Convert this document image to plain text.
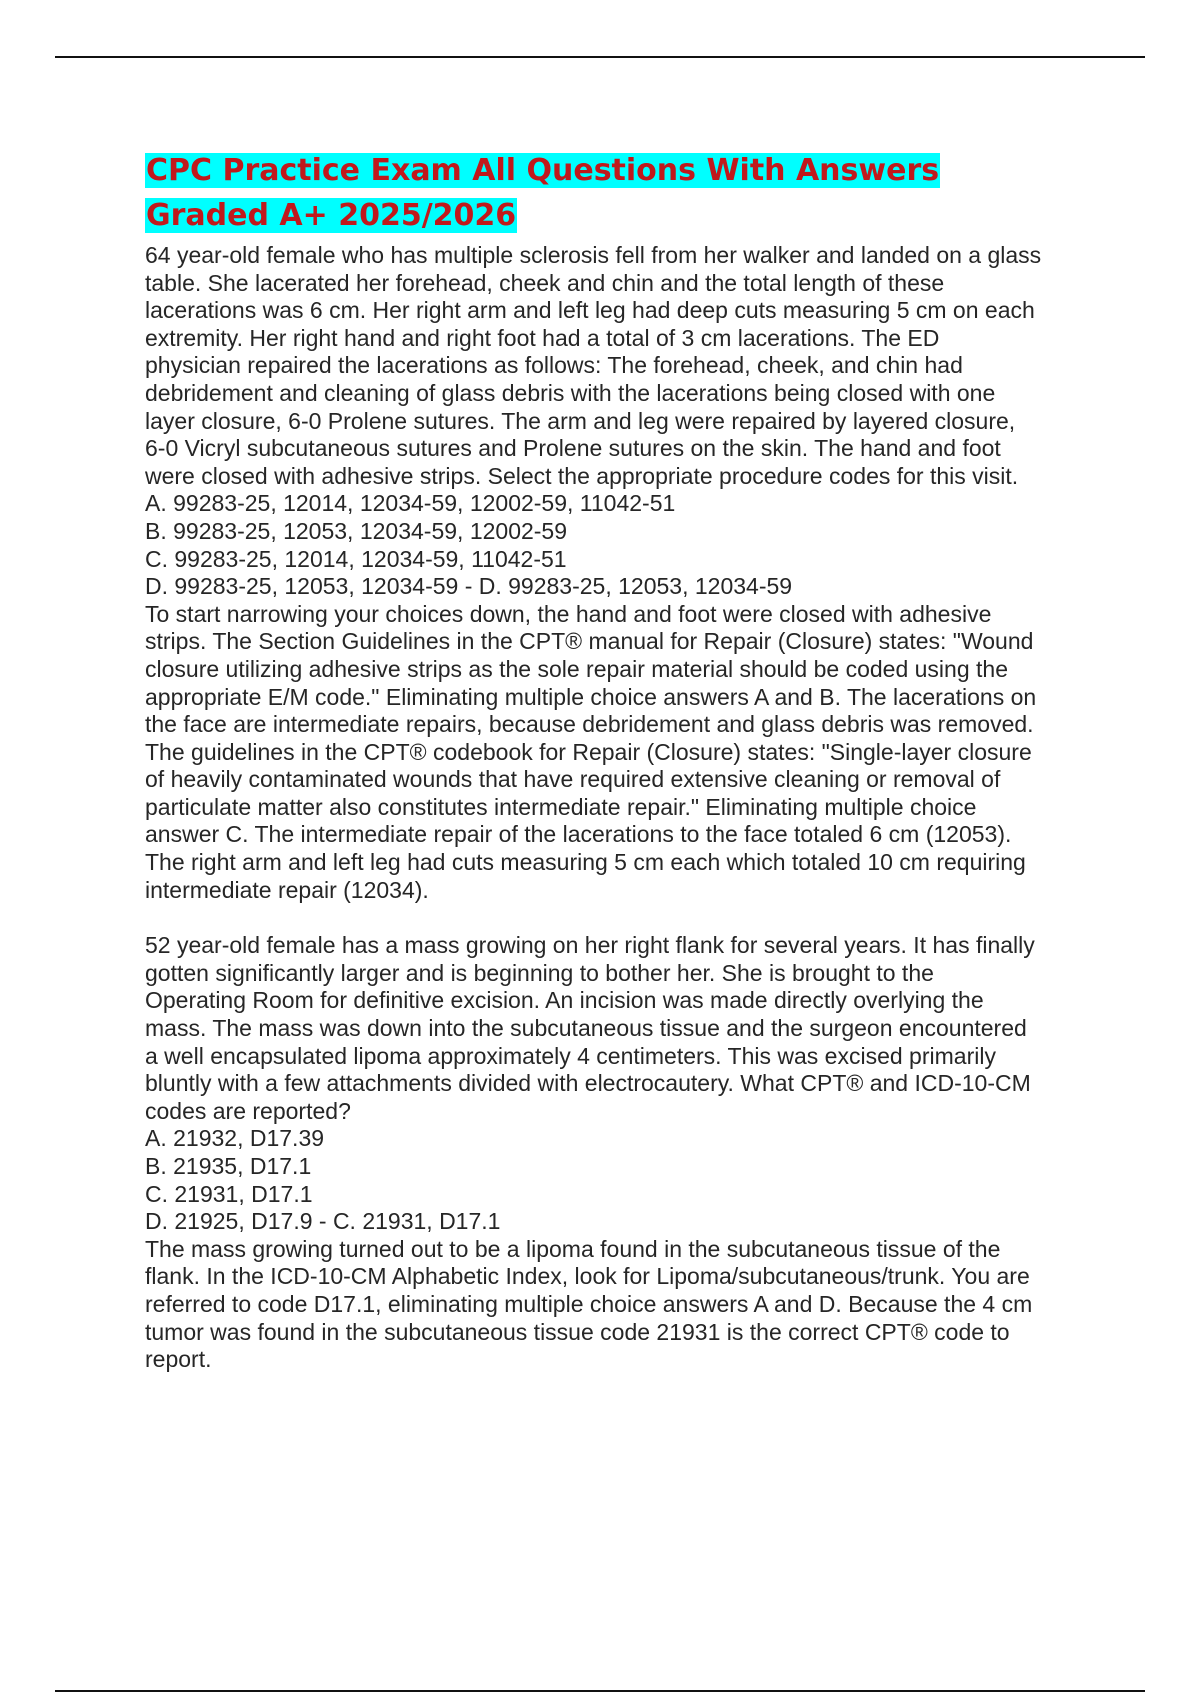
CPC Practice Exam All Questions With Answers
Graded A+ 2025/2026

64 year-old female who has multiple sclerosis fell from her walker and landed on a glass
table. She lacerated her forehead, cheek and chin and the total length of these
lacerations was 6 cm. Her right arm and left leg had deep cuts measuring 5 cm on each
extremity. Her right hand and right foot had a total of 3 cm lacerations. The ED
physician repaired the lacerations as follows: The forehead, cheek, and chin had
debridement and cleaning of glass debris with the lacerations being closed with one
layer closure, 6-0 Prolene sutures. The arm and leg were repaired by layered closure,
6-0 Vicryl subcutaneous sutures and Prolene sutures on the skin. The hand and foot
were closed with adhesive strips. Select the appropriate procedure codes for this visit.

A. 99283-25, 12014, 12034-59, 12002-59, 11042-51

B. 99283-25, 12053, 12034-59, 12002-59

C. 99283-25, 12014, 12034-59, 11042-51

D. 99283-25, 12053, 12034-59 - D. 99283-25, 12053, 12034-59

To start narrowing your choices down, the hand and foot were closed with adhesive
strips. The Section Guidelines in the CPT® manual for Repair (Closure) states: "Wound
closure utilizing adhesive strips as the sole repair material should be coded using the
appropriate E/M code." Eliminating multiple choice answers A and B. The lacerations on
the face are intermediate repairs, because debridement and glass debris was removed.
The guidelines in the CPT® codebook for Repair (Closure) states: "Single-layer closure
of heavily contaminated wounds that have required extensive cleaning or removal of
particulate matter also constitutes intermediate repair." Eliminating multiple choice
answer C. The intermediate repair of the lacerations to the face totaled 6 cm (12053).
The right arm and left leg had cuts measuring 5 cm each which totaled 10 cm requiring
intermediate repair (12034).

52 year-old female has a mass growing on her right flank for several years. It has finally
gotten significantly larger and is beginning to bother her. She is brought to the
Operating Room for definitive excision. An incision was made directly overlying the
mass. The mass was down into the subcutaneous tissue and the surgeon encountered
a well encapsulated lipoma approximately 4 centimeters. This was excised primarily
bluntly with a few attachments divided with electrocautery. What CPT® and ICD-10-CM
codes are reported?

A. 21932, D17.39

B. 21935, D17.1

C. 21931, D17.1

D. 21925, D17.9 - C. 21931, D17.1

The mass growing turned out to be a lipoma found in the subcutaneous tissue of the
flank. In the ICD-10-CM Alphabetic Index, look for Lipoma/subcutaneous/trunk. You are
referred to code D17.1, eliminating multiple choice answers A and D. Because the 4 cm
tumor was found in the subcutaneous tissue code 21931 is the correct CPT® code to
report.
